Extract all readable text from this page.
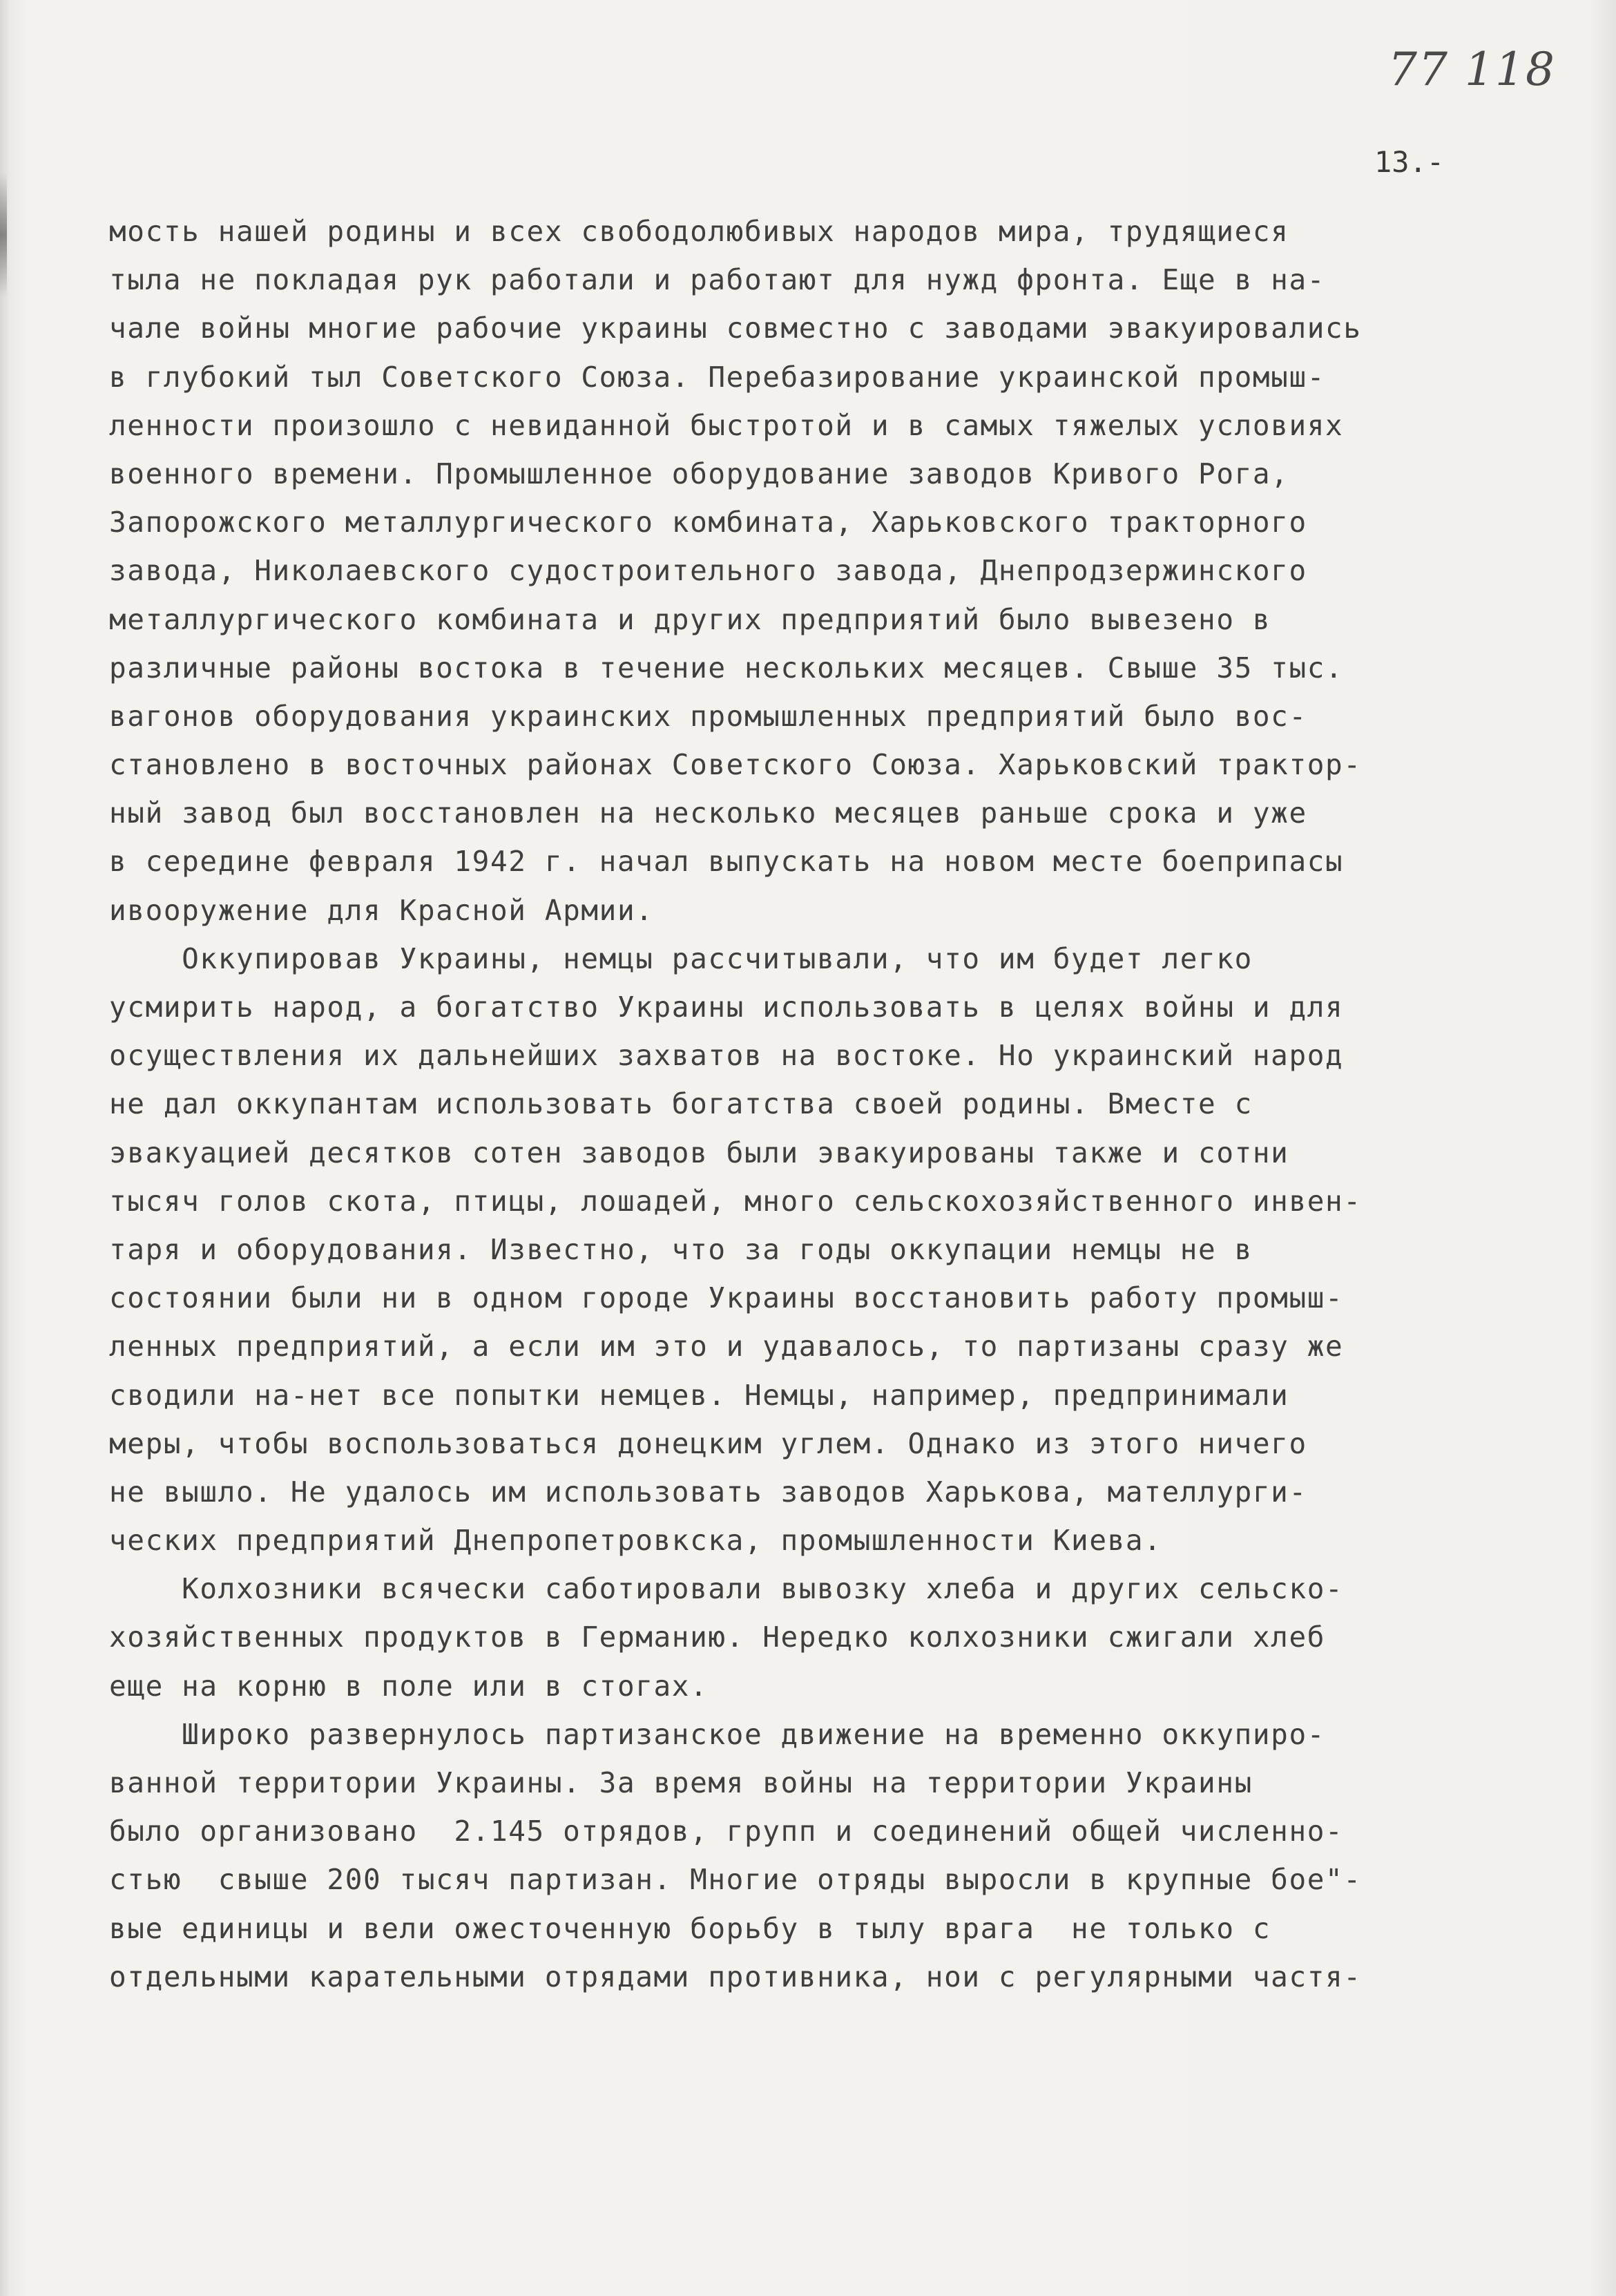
77 118
13.-
мость нашей родины и всех свободолюбивых народов мира, трудящиеся
тыла не покладая рук работали и работают для нужд фронта. Еще в на-
чале войны многие рабочие украины совместно с заводами эвакуировались
в глубокий тыл Советского Союза. Перебазирование украинской промыш-
ленности произошло с невиданной быстротой и в самых тяжелых условиях
военного времени. Промышленное оборудование заводов Кривого Рога,
Запорожского металлургического комбината, Харьковского тракторного
завода, Николаевского судостроительного завода, Днепродзержинского
металлургического комбината и других предприятий было вывезено в
различные районы востока в течение нескольких месяцев. Свыше 35 тыс.
вагонов оборудования украинских промышленных предприятий было вос-
становлено в восточных районах Советского Союза. Харьковский трактор-
ный завод был восстановлен на несколько месяцев раньше срока и уже
в середине февраля 1942 г. начал выпускать на новом месте боеприпасы
ивооружение для Красной Армии.
Оккупировав Украины, немцы рассчитывали, что им будет легко
усмирить народ, а богатство Украины использовать в целях войны и для
осуществления их дальнейших захватов на востоке. Но украинский народ
не дал оккупантам использовать богатства своей родины. Вместе с
эвакуацией десятков сотен заводов были эвакуированы также и сотни
тысяч голов скота, птицы, лошадей, много сельскохозяйственного инвен-
таря и оборудования. Известно, что за годы оккупации немцы не в
состоянии были ни в одном городе Украины восстановить работу промыш-
ленных предприятий, а если им это и удавалось, то партизаны сразу же
сводили на-нет все попытки немцев. Немцы, например, предпринимали
меры, чтобы воспользоваться донецким углем. Однако из этого ничего
не вышло. Не удалось им использовать заводов Харькова, мателлурги-
ческих предприятий Днепропетровкска, промышленности Киева.
Колхозники всячески саботировали вывозку хлеба и других сельско-
хозяйственных продуктов в Германию. Нередко колхозники сжигали хлеб
еще на корню в поле или в стогах.
Широко развернулось партизанское движение на временно оккупиро-
ванной территории Украины. За время войны на территории Украины
было организовано  2.145 отрядов, групп и соединений общей численно-
стью  свыше 200 тысяч партизан. Многие отряды выросли в крупные бое"-
вые единицы и вели ожесточенную борьбу в тылу врага  не только с
отдельными карательными отрядами противника, нои с регулярными частя-
